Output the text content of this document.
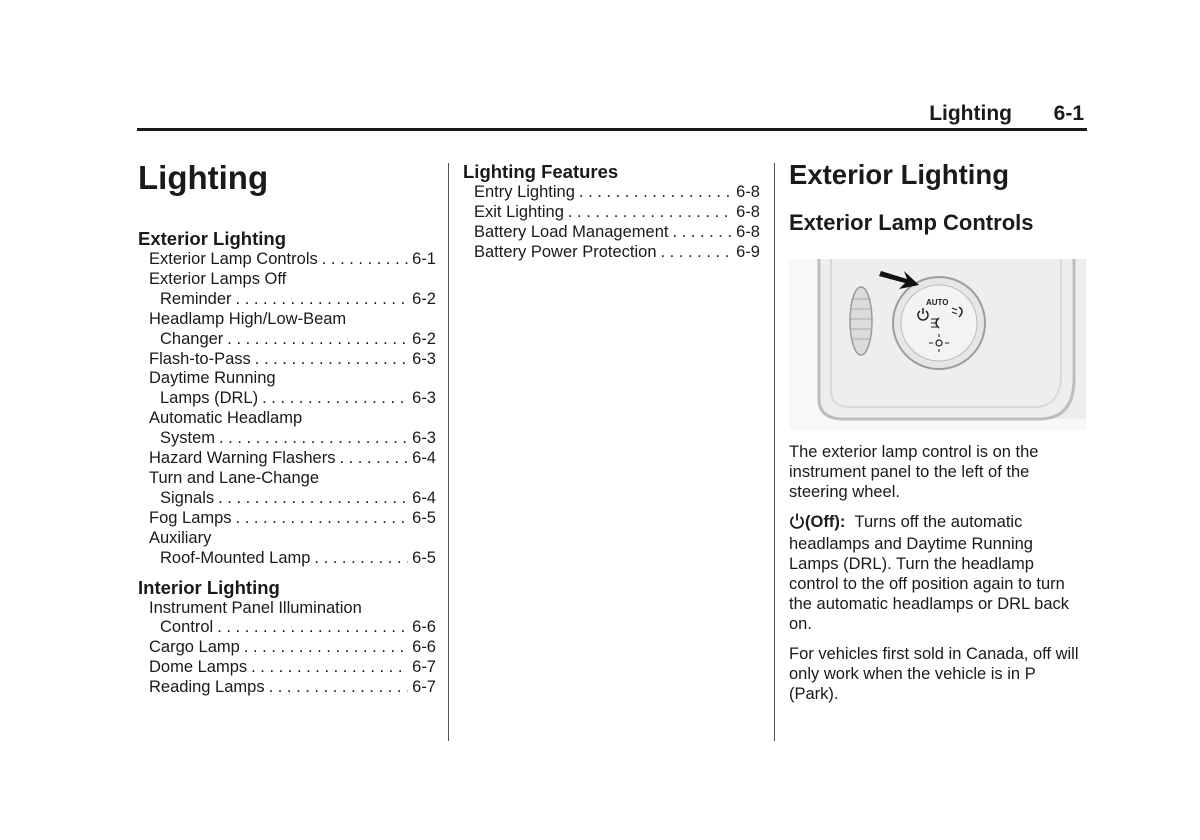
Lighting 6-1
Lighting
Exterior Lighting
Exterior Lamp Controls . . .	6-1
Exterior Lamps Off
Reminder . . .	6-2
Headlamp High/Low-Beam
Changer . . .	6-2
Flash-to-Pass . . .	6-3
Daytime Running
Lamps (DRL) . . .	6-3
Automatic Headlamp
System . . .	6-3
Hazard Warning Flashers . . .	6-4
Turn and Lane-Change
Signals . . .	6-4
Fog Lamps . . .	6-5
Auxiliary
Roof-Mounted Lamp . . .	6-5
Interior Lighting
Instrument Panel Illumination
Control . . .	6-6
Cargo Lamp . . .	6-6
Dome Lamps . . .	6-7
Reading Lamps . . .	6-7
Lighting Features
Entry Lighting . . .	6-8
Exit Lighting . . .	6-8
Battery Load Management . . .	6-8
Battery Power Protection . . .	6-9
Exterior Lighting
Exterior Lamp Controls
AUTO

The exterior lamp control is on the instrument panel to the left of the steering wheel.

(Off): Turns off the automatic headlamps and Daytime Running Lamps (DRL). Turn the headlamp control to the off position again to turn the automatic headlamps or DRL back on.

For vehicles first sold in Canada, off will only work when the vehicle is in P (Park).
